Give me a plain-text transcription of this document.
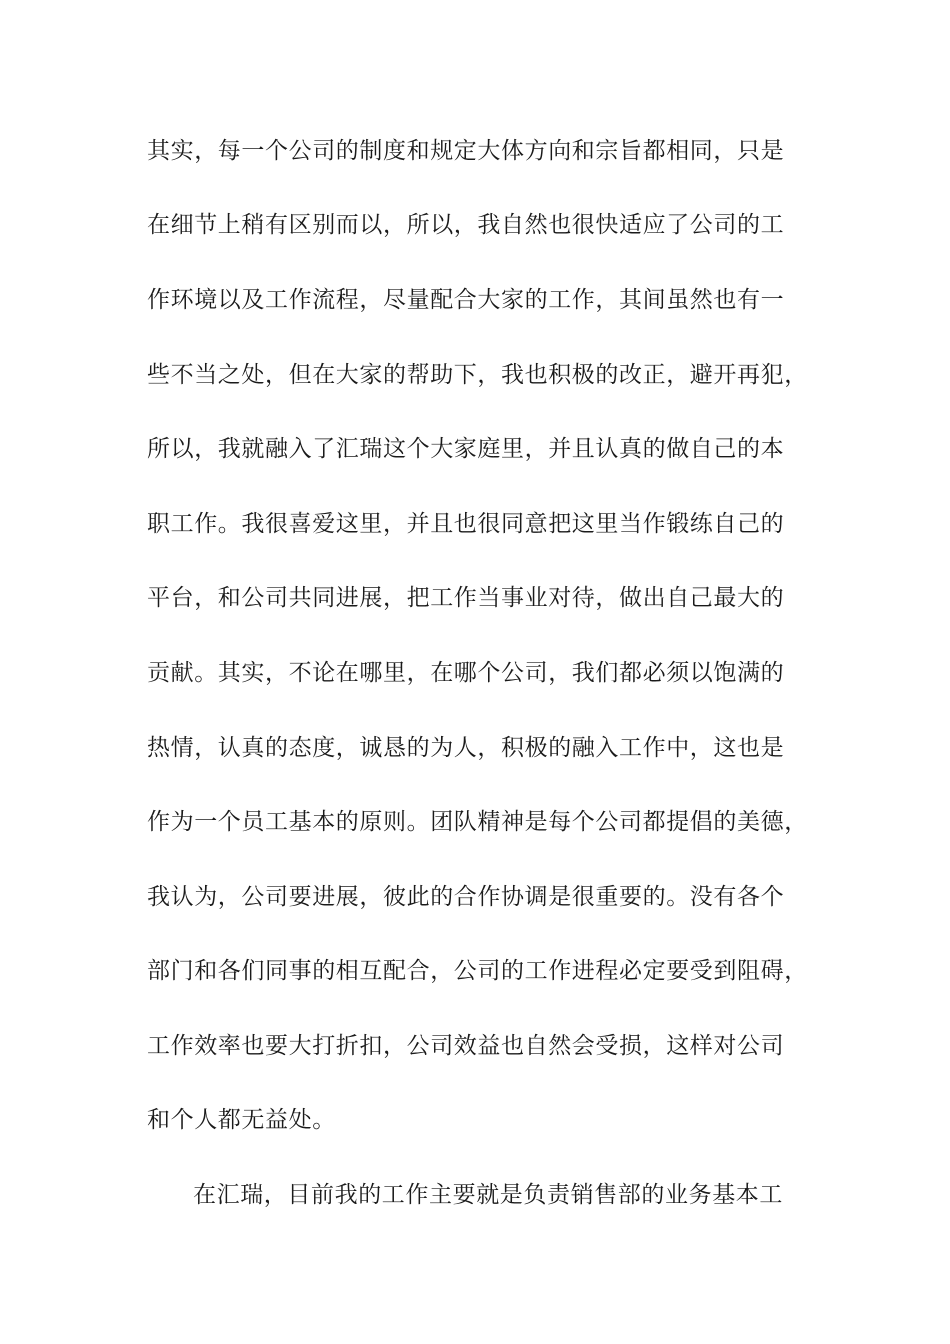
其实，每一个公司的制度和规定大体方向和宗旨都相同，只是
在细节上稍有区别而以，所以，我自然也很快适应了公司的工
作环境以及工作流程，尽量配合大家的工作，其间虽然也有一
些不当之处，但在大家的帮助下，我也积极的改正，避开再犯，
所以，我就融入了汇瑞这个大家庭里，并且认真的做自己的本
职工作。我很喜爱这里，并且也很同意把这里当作锻练自己的
平台，和公司共同进展，把工作当事业对待，做出自己最大的
贡献。其实，不论在哪里，在哪个公司，我们都必须以饱满的
热情，认真的态度，诚恳的为人，积极的融入工作中，这也是
作为一个员工基本的原则。团队精神是每个公司都提倡的美德，
我认为，公司要进展，彼此的合作协调是很重要的。没有各个
部门和各们同事的相互配合，公司的工作进程必定要受到阻碍，
工作效率也要大打折扣，公司效益也自然会受损，这样对公司
和个人都无益处。
在汇瑞，目前我的工作主要就是负责销售部的业务基本工
